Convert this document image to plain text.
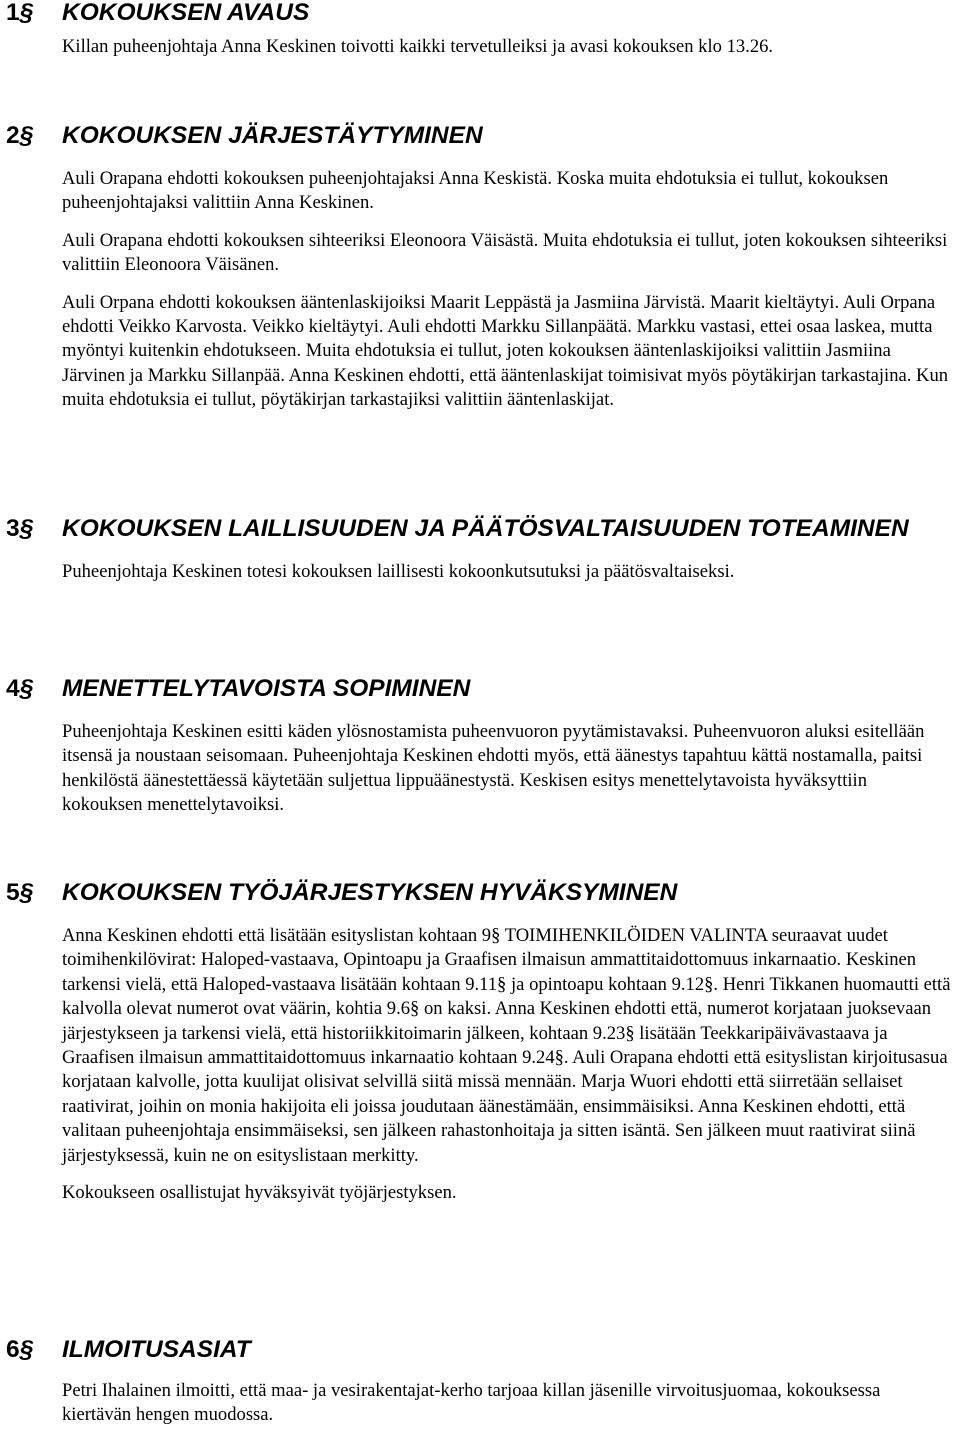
1§	KOKOUKSEN AVAUS

Killan puheenjohtaja Anna Keskinen toivotti kaikki tervetulleiksi ja avasi kokouksen klo 13.26.

2§	KOKOUKSEN JÄRJESTÄYTYMINEN

Auli Orapana ehdotti kokouksen puheenjohtajaksi Anna Keskistä. Koska muita ehdotuksia ei tullut, kokouksen puheenjohtajaksi valittiin Anna Keskinen.

Auli Orapana ehdotti kokouksen sihteeriksi Eleonoora Väisästä. Muita ehdotuksia ei tullut, joten kokouksen sihteeriksi valittiin Eleonoora Väisänen.

Auli Orpana ehdotti kokouksen ääntenlaskijoiksi Maarit Leppästä ja Jasmiina Järvistä. Maarit kieltäytyi. Auli Orpana ehdotti Veikko Karvosta. Veikko kieltäytyi. Auli ehdotti Markku Sillanpäätä. Markku vastasi, ettei osaa laskea, mutta myöntyi kuitenkin ehdotukseen. Muita ehdotuksia ei tullut, joten kokouksen ääntenlaskijoiksi valittiin Jasmiina Järvinen ja Markku Sillanpää. Anna Keskinen ehdotti, että ääntenlaskijat toimisivat myös pöytäkirjan tarkastajina. Kun muita ehdotuksia ei tullut, pöytäkirjan tarkastajiksi valittiin ääntenlaskijat.

3§	KOKOUKSEN LAILLISUUDEN JA PÄÄTÖSVALTAISUUDEN TOTEAMINEN

Puheenjohtaja Keskinen totesi kokouksen laillisesti kokoonkutsutuksi ja päätösvaltaiseksi.

4§	MENETTELYTAVOISTA SOPIMINEN

Puheenjohtaja Keskinen esitti käden ylösnostamista puheenvuoron pyytämistavaksi. Puheenvuoron aluksi esitellään itsensä ja noustaan seisomaan. Puheenjohtaja Keskinen ehdotti myös, että äänestys tapahtuu kättä nostamalla, paitsi henkilöstä äänestettäessä käytetään suljettua lippuäänestystä. Keskisen esitys menettelytavoista hyväksyttiin kokouksen menettelytavoiksi.

5§	KOKOUKSEN TYÖJÄRJESTYKSEN HYVÄKSYMINEN

Anna Keskinen ehdotti että lisätään esityslistan kohtaan 9§ TOIMIHENKILÖIDEN VALINTA seuraavat uudet toimihenkilövirat: Haloped-vastaava, Opintoapu ja Graafisen ilmaisun ammattitaidottomuus inkarnaatio. Keskinen tarkensi vielä, että Haloped-vastaava lisätään kohtaan 9.11§ ja opintoapu kohtaan 9.12§. Henri Tikkanen huomautti että kalvolla olevat numerot ovat väärin, kohtia 9.6§ on kaksi. Anna Keskinen ehdotti että, numerot korjataan juoksevaan järjestykseen ja tarkensi vielä, että historiikkitoimarin jälkeen, kohtaan 9.23§ lisätään Teekkaripäivävastaava ja Graafisen ilmaisun ammattitaidottomuus inkarnaatio kohtaan 9.24§. Auli Orapana ehdotti että esityslistan kirjoitusasua korjataan kalvolle, jotta kuulijat olisivat selvillä siitä missä mennään. Marja Wuori ehdotti että siirretään sellaiset raativirat, joihin on monia hakijoita eli joissa joudutaan äänestämään, ensimmäisiksi. Anna Keskinen ehdotti, että valitaan puheenjohtaja ensimmäiseksi, sen jälkeen rahastonhoitaja ja sitten isäntä. Sen jälkeen muut raativirat siinä järjestyksessä, kuin ne on esityslistaan merkitty.

Kokoukseen osallistujat hyväksyivät työjärjestyksen.

6§	ILMOITUSASIAT

Petri Ihalainen ilmoitti, että maa- ja vesirakentajat-kerho tarjoaa killan jäsenille virvoitusjuomaa, kokouksessa kiertävän hengen muodossa.
